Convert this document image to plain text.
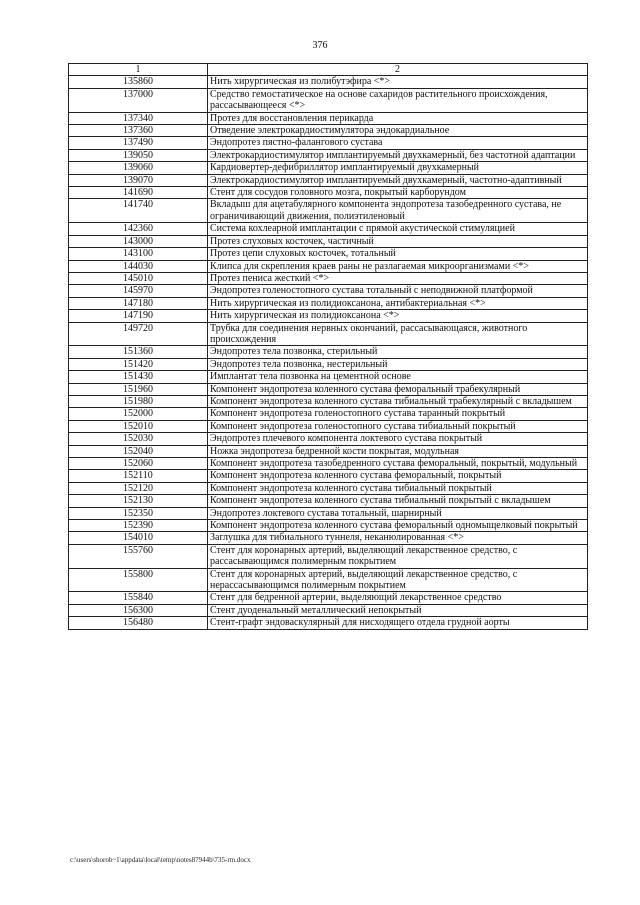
376
1	2
135860	Нить хирургическая из полибутэфира <*>
137000	Средство гемостатическое на основе сахаридов растительного происхождения, рассасывающееся <*>
137340	Протез для восстановления перикарда
137360	Отведение электрокардиостимулятора эндокардиальное
137490	Эндопротез пястно-фалангового сустава
139050	Электрокардиостимулятор имплантируемый двухкамерный, без частотной адаптации
139060	Кардиовертер-дефибриллятор имплантируемый двухкамерный
139070	Электрокардиостимулятор имплантируемый двухкамерный, частотно-адаптивный
141690	Стент для сосудов головного мозга, покрытый карборундом
141740	Вкладыш для ацетабулярного компонента эндопротеза тазобедренного сустава, не ограничивающий движения, полиэтиленовый
142360	Система кохлеарной имплантации с прямой акустической стимуляцией
143000	Протез слуховых косточек, частичный
143100	Протез цепи слуховых косточек, тотальный
144030	Клипса для скрепления краев раны не разлагаемая микроорганизмами <*>
145010	Протез пениса жесткий <*>
145970	Эндопротез голеностопного сустава тотальный с неподвижной платформой
147180	Нить хирургическая из полидиоксанона, антибактериальная <*>
147190	Нить хирургическая из полидиоксанона <*>
149720	Трубка для соединения нервных окончаний, рассасывающаяся, животного происхождения
151360	Эндопротез тела позвонка, стерильный
151420	Эндопротез тела позвонка, нестерильный
151430	Имплантат тела позвонка на цементной основе
151960	Компонент эндопротеза коленного сустава феморальный трабекулярный
151980	Компонент эндопротеза коленного сустава тибиальный трабекулярный с вкладышем
152000	Компонент эндопротеза голеностопного сустава таранный покрытый
152010	Компонент эндопротеза голеностопного сустава тибиальный покрытый
152030	Эндопротез плечевого компонента локтевого сустава покрытый
152040	Ножка эндопротеза бедренной кости покрытая, модульная
152060	Компонент эндопротеза тазобедренного сустава феморальный, покрытый, модульный
152110	Компонент эндопротеза коленного сустава феморальный, покрытый
152120	Компонент эндопротеза коленного сустава тибиальный покрытый
152130	Компонент эндопротеза коленного сустава тибиальный покрытый с вкладышем
152350	Эндопротез локтевого сустава тотальный, шарнирный
152390	Компонент эндопротеза коленного сустава феморальный одномыщелковый покрытый
154010	Заглушка для тибиального туннеля, неканюлированная <*>
155760	Стент для коронарных артерий, выделяющий лекарственное средство, с рассасывающимся полимерным покрытием
155800	Стент для коронарных артерий, выделяющий лекарственное средство, с нерассасывающимся полимерным покрытием
155840	Стент для бедренной артерии, выделяющий лекарственное средство
156300	Стент дуоденальный металлический непокрытый
156480	Стент-графт эндоваскулярный для нисходящего отдела грудной аорты
c:\users\shorob~1\appdata\local\temp\notes87944b\735-rm.docx
